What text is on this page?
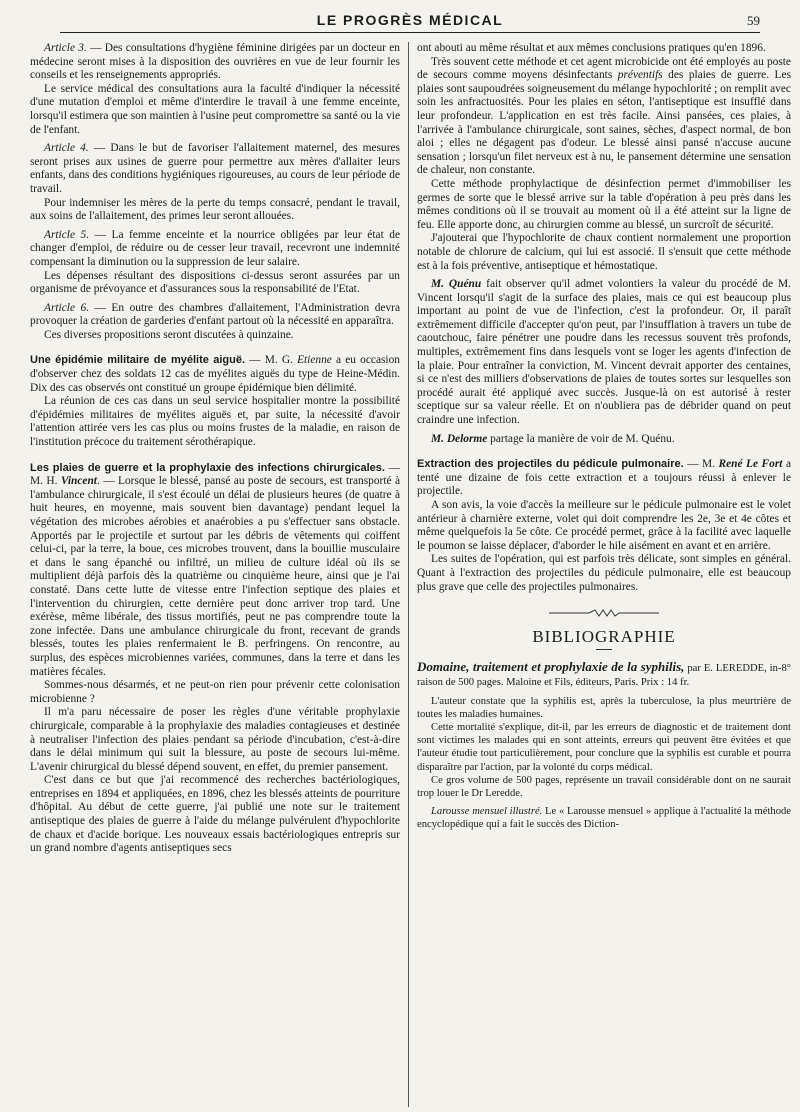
LE PROGRÈS MÉDICAL	59

Article 3. — Des consultations d'hygiène féminine dirigées par un docteur en médecine seront mises à la disposition des ouvrières en vue de leur fournir les conseils et les renseignements appropriés.

Le service médical des consultations aura la faculté d'indiquer la nécessité d'une mutation d'emploi et même d'interdire le travail à une femme enceinte, lorsqu'il estimera que son maintien à l'usine peut compromettre sa santé ou la vie de l'enfant.

Article 4. — Dans le but de favoriser l'allaitement maternel, des mesures seront prises aux usines de guerre pour permettre aux mères d'allaiter leurs enfants, dans des conditions hygiéniques rigoureuses, au cours de leur période de travail.

Pour indemniser les mères de la perte du temps consacré, pendant le travail, aux soins de l'allaitement, des primes leur seront allouées.

Article 5. — La femme enceinte et la nourrice obligées par leur état de changer d'emploi, de réduire ou de cesser leur travail, recevront une indemnité compensant la diminution ou la suppression de leur salaire.

Les dépenses résultant des dispositions ci-dessus seront assurées par un organisme de prévoyance et d'assurances sous la responsabilité de l'Etat.

Article 6. — En outre des chambres d'allaitement, l'Administration devra provoquer la création de garderies d'enfant partout où la nécessité en apparaîtra.

Ces diverses propositions seront discutées à quinzaine.

Une épidémie militaire de myélite aiguë. — M. G. Etienne a eu occasion d'observer chez des soldats 12 cas de myélites aiguës du type de Heine-Médin. Dix des cas observés ont constitué un groupe épidémique bien délimité.

La réunion de ces cas dans un seul service hospitalier montre la possibilité d'épidémies militaires de myélites aiguës et, par suite, la nécessité d'avoir l'attention attirée vers les cas plus ou moins frustes de la maladie, en raison de l'institution précoce du traitement sérothérapique.

Les plaies de guerre et la prophylaxie des infections chirurgicales. — M. H. Vincent. — Lorsque le blessé, pansé au poste de secours, est transporté à l'ambulance chirurgicale, il s'est écoulé un délai de plusieurs heures (de quatre à huit heures, en moyenne, mais souvent bien davantage) pendant lequel la végétation des microbes aérobies et anaérobies a pu s'effectuer sans obstacle. Apportés par le projectile et surtout par les débris de vêtements qui coiffent celui-ci, par la terre, la boue, ces microbes trouvent, dans la bouillie musculaire et dans le sang épanché ou infiltré, un milieu de culture idéal où ils se multiplient déjà parfois dès la quatrième ou cinquième heure, ainsi que je l'ai constaté. Dans cette lutte de vitesse entre l'infection septique des plaies et l'intervention du chirurgien, cette dernière peut donc arriver trop tard. Une exérèse, même libérale, des tissus mortifiés, peut ne pas comprendre toute la zone infectée. Dans une ambulance chirurgicale du front, recevant de grands blessés, toutes les plaies renfermaient le B. perfringens. On rencontre, au surplus, des espèces microbiennes variées, communes, dans la terre et dans les matières fécales.

Sommes-nous désarmés, et ne peut-on rien pour prévenir cette colonisation microbienne ?

Il m'a paru nécessaire de poser les règles d'une véritable prophylaxie chirurgicale, comparable à la prophylaxie des maladies contagieuses et destinée à neutraliser l'infection des plaies pendant sa période d'incubation, c'est-à-dire dans le délai minimum qui suit la blessure, au poste de secours lui-même. L'avenir chirurgical du blessé dépend souvent, en effet, du premier pansement.

C'est dans ce but que j'ai recommencé des recherches bactériologiques, entreprises en 1894 et appliquées, en 1896, chez les blessés atteints de pourriture d'hôpital. Au début de cette guerre, j'ai publié une note sur le traitement antiseptique des plaies de guerre à l'aide du mélange pulvérulent d'hypochlorite de chaux et d'acide borique. Les nouveaux essais bactériologiques entrepris sur un grand nombre d'agents antiseptiques secs

ont abouti au même résultat et aux mêmes conclusions pratiques qu'en 1896.

Très souvent cette méthode et cet agent microbicide ont été employés au poste de secours comme moyens désinfectants préventifs des plaies de guerre. Les plaies sont saupoudrées soigneusement du mélange hypochlorité ; on remplit avec soin les anfractuosités. Pour les plaies en séton, l'antiseptique est insufflé dans leur profondeur. L'application en est très facile. Ainsi pansées, ces plaies, à l'arrivée à l'ambulance chirurgicale, sont saines, sèches, d'aspect normal, de bon aloi ; elles ne dégagent pas d'odeur. Le blessé ainsi pansé n'accuse aucune sensation ; lorsqu'un filet nerveux est à nu, le pansement détermine une sensation de chaleur, non constante.

Cette méthode prophylactique de désinfection permet d'immobiliser les germes de sorte que le blessé arrive sur la table d'opération à peu près dans les mêmes conditions où il se trouvait au moment où il a été atteint sur la ligne de feu. Elle apporte donc, au chirurgien comme au blessé, un surcroît de sécurité.

J'ajouterai que l'hypochlorite de chaux contient normalement une proportion notable de chlorure de calcium, qui lui est associé. Il s'ensuit que cette méthode est à la fois préventive, antiseptique et hémostatique.

M. Quénu fait observer qu'il admet volontiers la valeur du procédé de M. Vincent lorsqu'il s'agit de la surface des plaies, mais ce qui est beaucoup plus important au point de vue de l'infection, c'est la profondeur. Or, il paraît extrêmement difficile d'accepter qu'on peut, par l'insufflation à travers un tube de caoutchouc, faire pénétrer une poudre dans les recessus souvent très profonds, multiples, extrêmement fins dans lesquels vont se loger les agents d'infection de la plaie. Pour entraîner la conviction, M. Vincent devrait apporter des centaines, si ce n'est des milliers d'observations de plaies de toutes sortes sur lesquelles son procédé aurait été appliqué avec succès. Jusque-là on est autorisé à rester sceptique sur sa valeur réelle. Et on n'oubliera pas de débrider quand on peut craindre une infection.

M. Delorme partage la manière de voir de M. Quénu.

Extraction des projectiles du pédicule pulmonaire. — M. René Le Fort a tenté une dizaine de fois cette extraction et a toujours réussi à enlever le projectile.

A son avis, la voie d'accès la meilleure sur le pédicule pulmonaire est le volet antérieur à charnière externe, volet qui doit comprendre les 2e, 3e et 4e côtes et même quelquefois la 5e côte. Ce procédé permet, grâce à la facilité avec laquelle le poumon se laisse déplacer, d'aborder le hile aisément en avant et en arrière.

Les suites de l'opération, qui est parfois très délicate, sont simples en général. Quant à l'extraction des projectiles du pédicule pulmonaire, elle est beaucoup plus grave que celle des projectiles pulmonaires.

BIBLIOGRAPHIE

Domaine, traitement et prophylaxie de la syphilis, par E. LEREDDE, in-8° raison de 500 pages. Maloine et Fils, éditeurs, Paris. Prix : 14 fr.

L'auteur constate que la syphilis est, après la tuberculose, la plus meurtrière de toutes les maladies humaines.

Cette mortalité s'explique, dit-il, par les erreurs de diagnostic et de traitement dont sont victimes les malades qui en sont atteints, erreurs qui peuvent être évitées et que l'auteur étudie tout particulièrement, pour conclure que la syphilis est curable et pourra disparaître par l'action, par la volonté du corps médical.

Ce gros volume de 500 pages, représente un travail considérable dont on ne saurait trop louer le Dr Leredde.

Larousse mensuel illustré. Le « Larousse mensuel » applique à l'actualité la méthode encyclopédique qui a fait le succès des Diction-
